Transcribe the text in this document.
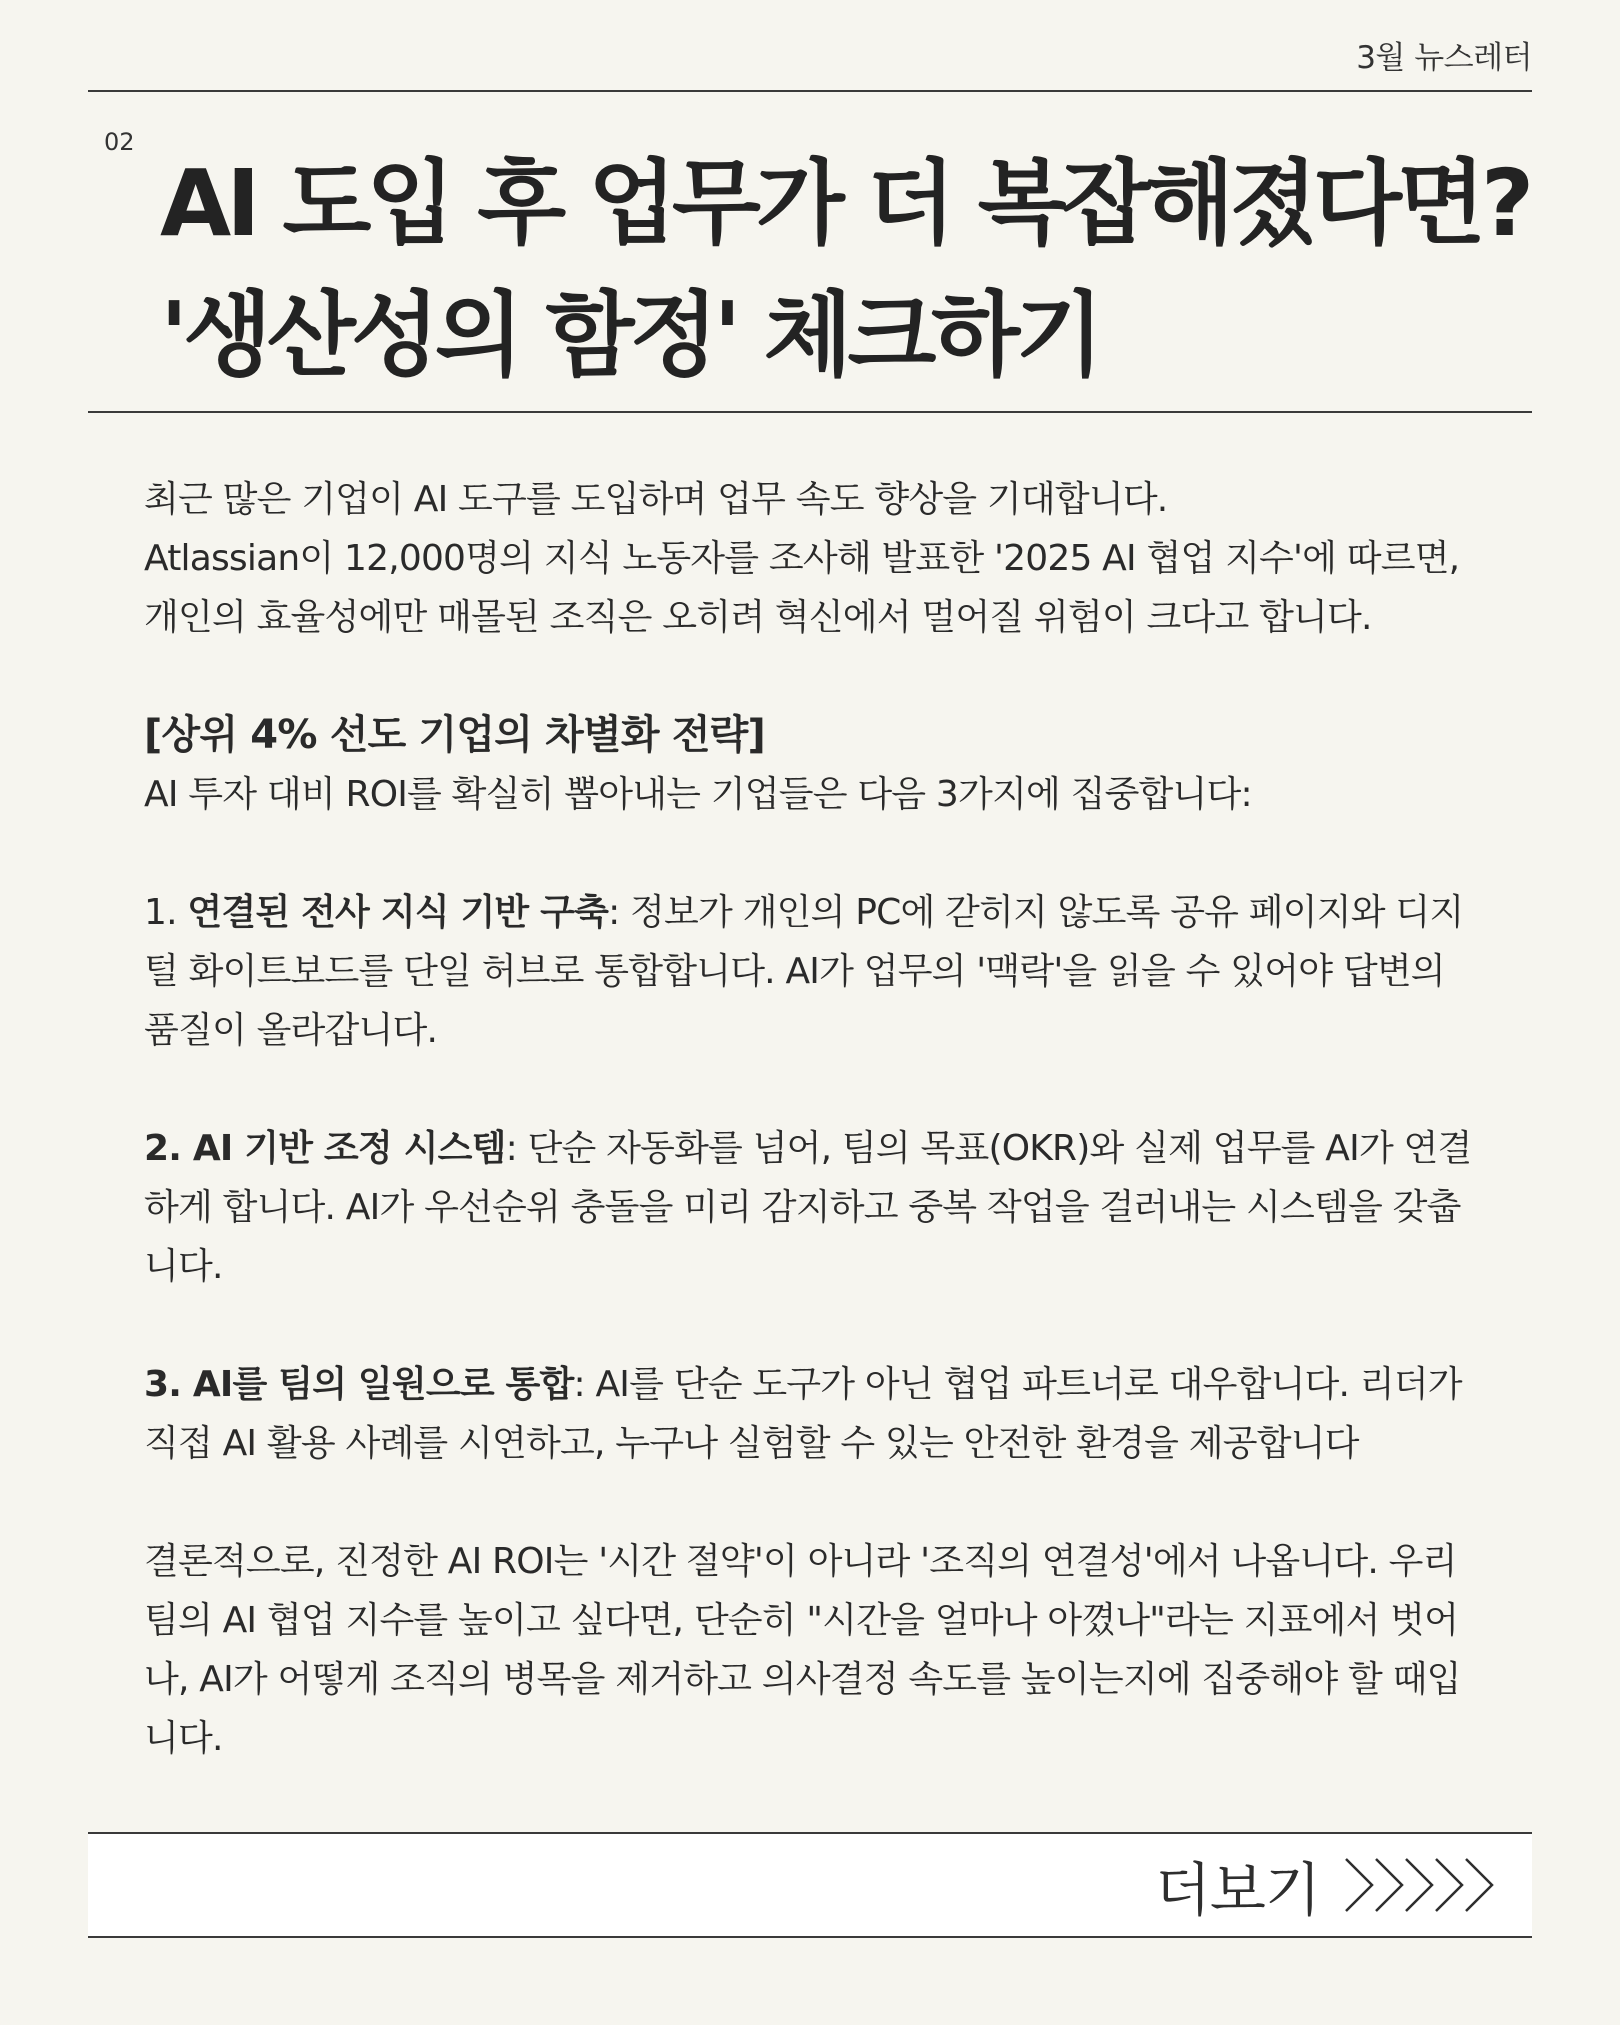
3월 뉴스레터
02
AI 도입 후 업무가 더 복잡해졌다면?
'생산성의 함정' 체크하기

최근 많은 기업이 AI 도구를 도입하며 업무 속도 향상을 기대합니다.

Atlassian이 12,000명의 지식 노동자를 조사해 발표한 '2025 AI 협업 지수'에 따르면, 개인의 효율성에만 매몰된 조직은 오히려 혁신에서 멀어질 위험이 크다고 합니다.

[상위 4% 선도 기업의 차별화 전략]

AI 투자 대비 ROI를 확실히 뽑아내는 기업들은 다음 3가지에 집중합니다:

1. 연결된 전사 지식 기반 구축: 정보가 개인의 PC에 갇히지 않도록 공유 페이지와 디지털 화이트보드를 단일 허브로 통합합니다. AI가 업무의 '맥락'을 읽을 수 있어야 답변의 품질이 올라갑니다.

2. AI 기반 조정 시스템: 단순 자동화를 넘어, 팀의 목표(OKR)와 실제 업무를 AI가 연결하게 합니다. AI가 우선순위 충돌을 미리 감지하고 중복 작업을 걸러내는 시스템을 갖춥니다.

3. AI를 팀의 일원으로 통합: AI를 단순 도구가 아닌 협업 파트너로 대우합니다. 리더가 직접 AI 활용 사례를 시연하고, 누구나 실험할 수 있는 안전한 환경을 제공합니다

결론적으로, 진정한 AI ROI는 '시간 절약'이 아니라 '조직의 연결성'에서 나옵니다. 우리 팀의 AI 협업 지수를 높이고 싶다면, 단순히 "시간을 얼마나 아꼈나"라는 지표에서 벗어나, AI가 어떻게 조직의 병목을 제거하고 의사결정 속도를 높이는지에 집중해야 할 때입니다.

더보기
